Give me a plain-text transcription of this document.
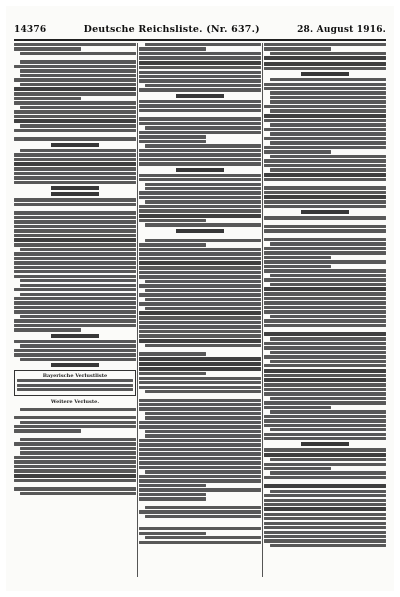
14376	Deutsche Reichsliste. (Nr. 637.)	28. August 1916.
Bayerische Verlustliste
Weitere Verluste.
